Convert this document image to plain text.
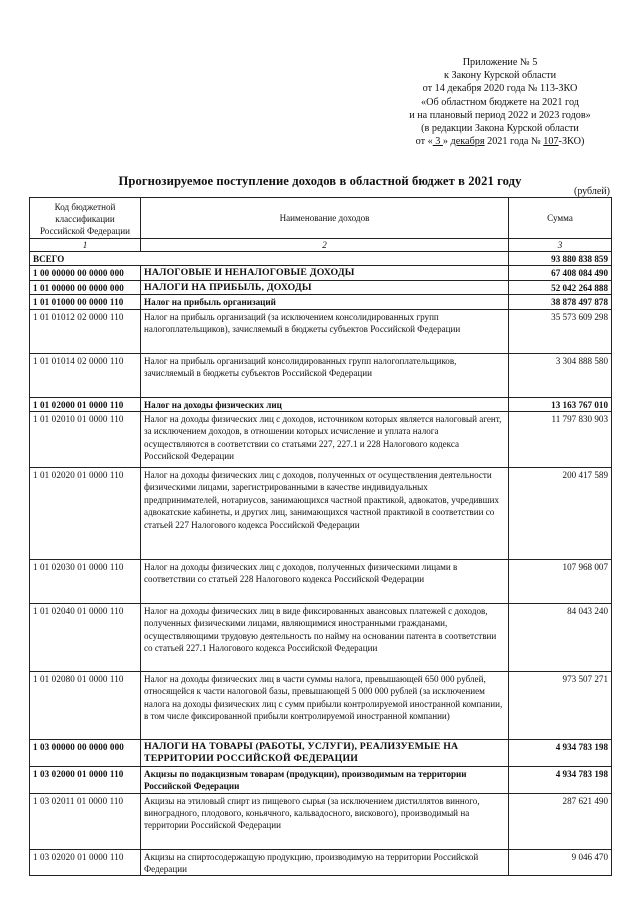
Приложение № 5
к Закону Курской области
от 14 декабря 2020 года № 113-ЗКО
«Об областном бюджете на 2021 год
и на плановый период 2022 и 2023 годов»
(в редакции Закона Курской области
от « 3 » декабря 2021 года № 107-ЗКО)
Прогнозируемое поступление доходов в областной бюджет в 2021 году
(рублей)
Код бюджетной классификации Российской Федерации	Наименование доходов	Сумма
1	2	3
ВСЕГО		93 880 838 859
1 00 00000 00 0000 000	НАЛОГОВЫЕ И НЕНАЛОГОВЫЕ ДОХОДЫ	67 408 084 490
1 01 00000 00 0000 000	НАЛОГИ НА ПРИБЫЛЬ, ДОХОДЫ	52 042 264 888
1 01 01000 00 0000 110	Налог на прибыль организаций	38 878 497 878
1 01 01012 02 0000 110	Налог на прибыль организаций (за исключением консолидированных групп налогоплательщиков), зачисляемый в бюджеты субъектов Российской Федерации	35 573 609 298
1 01 01014 02 0000 110	Налог на прибыль организаций консолидированных групп налогоплательщиков, зачисляемый в бюджеты субъектов Российской Федерации	3 304 888 580
1 01 02000 01 0000 110	Налог на доходы физических лиц	13 163 767 010
1 01 02010 01 0000 110	Налог на доходы физических лиц с доходов, источником которых является налоговый агент, за исключением доходов, в отношении которых исчисление и уплата налога осуществляются в соответствии со статьями 227, 227.1 и 228 Налогового кодекса Российской Федерации	11 797 830 903
1 01 02020 01 0000 110	Налог на доходы физических лиц с доходов, полученных от осуществления деятельности физическими лицами, зарегистрированными в качестве индивидуальных предпринимателей, нотариусов, занимающихся частной практикой, адвокатов, учредивших адвокатские кабинеты, и других лиц, занимающихся частной практикой в соответствии со статьей 227 Налогового кодекса Российской Федерации	200 417 589
1 01 02030 01 0000 110	Налог на доходы физических лиц с доходов, полученных физическими лицами в соответствии со статьей 228 Налогового кодекса Российской Федерации	107 968 007
1 01 02040 01 0000 110	Налог на доходы физических лиц в виде фиксированных авансовых платежей с доходов, полученных физическими лицами, являющимися иностранными гражданами, осуществляющими трудовую деятельность по найму на основании патента в соответствии со статьей 227.1 Налогового кодекса Российской Федерации	84 043 240
1 01 02080 01 0000 110	Налог на доходы физических лиц в части суммы налога, превышающей 650 000 рублей, относящейся к части налоговой базы, превышающей 5 000 000 рублей (за исключением налога на доходы физических лиц с сумм прибыли контролируемой иностранной компании, в том числе фиксированной прибыли контролируемой иностранной компании)	973 507 271
1 03 00000 00 0000 000	НАЛОГИ НА ТОВАРЫ (РАБОТЫ, УСЛУГИ), РЕАЛИЗУЕМЫЕ НА ТЕРРИТОРИИ РОССИЙСКОЙ ФЕДЕРАЦИИ	4 934 783 198
1 03 02000 01 0000 110	Акцизы по подакцизным товарам (продукции), производимым на территории Российской Федерации	4 934 783 198
1 03 02011 01 0000 110	Акцизы на этиловый спирт из пищевого сырья (за исключением дистиллятов винного, виноградного, плодового, коньячного, кальвадосного, вискового), производимый на территории Российской Федерации	287 621 490
1 03 02020 01 0000 110	Акцизы на спиртосодержащую продукцию, производимую на территории Российской Федерации	9 046 470
